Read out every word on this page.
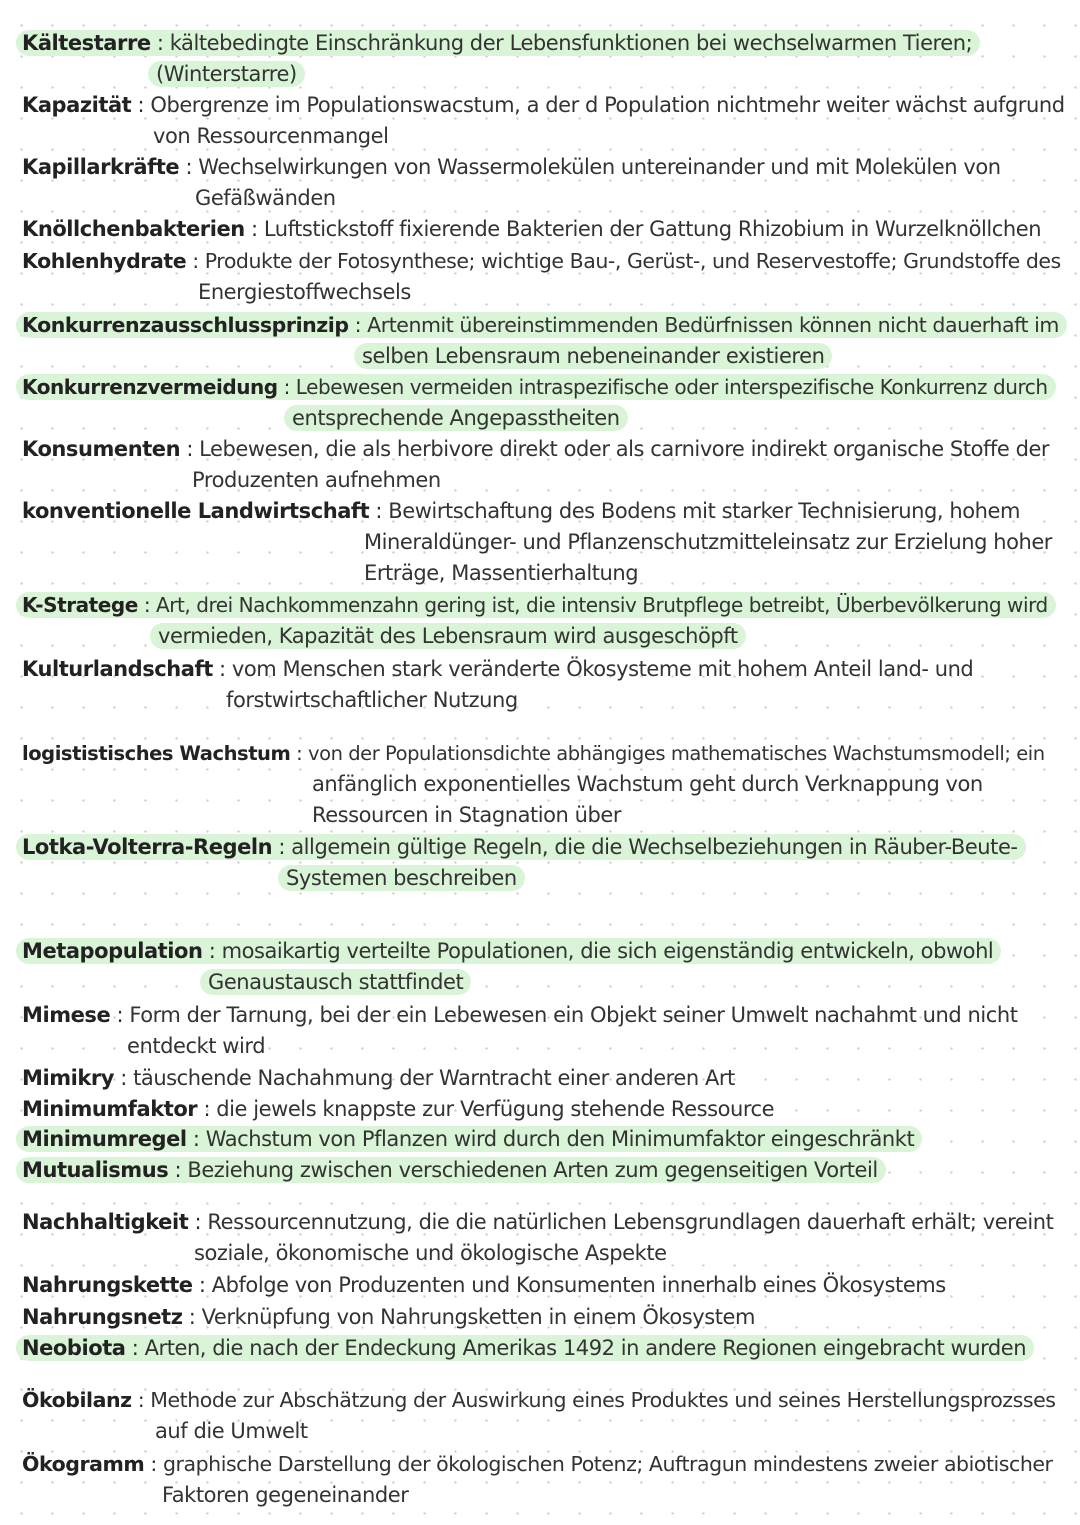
Kältestarre : kältebedingte Einschränkung der Lebensfunktionen bei wechselwarmen Tieren;
(Winterstarre)

Kapazität : Obergrenze im Populationswacstum, a der d Population nichtmehr weiter wächst aufgrund
von Ressourcenmangel

Kapillarkräfte : Wechselwirkungen von Wassermolekülen untereinander und mit Molekülen von
Gefäßwänden

Knöllchenbakterien : Luftstickstoff fixierende Bakterien der Gattung Rhizobium in Wurzelknöllchen

Kohlenhydrate : Produkte der Fotosynthese; wichtige Bau-, Gerüst-, und Reservestoffe; Grundstoffe des
Energiestoffwechsels

Konkurrenzausschlussprinzip : Artenmit übereinstimmenden Bedürfnissen können nicht dauerhaft im
selben Lebensraum nebeneinander existieren

Konkurrenzvermeidung : Lebewesen vermeiden intraspezifische oder interspezifische Konkurrenz durch
entsprechende Angepasstheiten

Konsumenten : Lebewesen, die als herbivore direkt oder als carnivore indirekt organische Stoffe der
Produzenten aufnehmen

konventionelle Landwirtschaft : Bewirtschaftung des Bodens mit starker Technisierung, hohem
Mineraldünger- und Pflanzenschutzmitteleinsatz zur Erzielung hoher
Erträge, Massentierhaltung

K-Stratege : Art, drei Nachkommenzahn gering ist, die intensiv Brutpflege betreibt, Überbevölkerung wird
vermieden, Kapazität des Lebensraum wird ausgeschöpft

Kulturlandschaft : vom Menschen stark veränderte Ökosysteme mit hohem Anteil land- und
forstwirtschaftlicher Nutzung

logististisches Wachstum : von der Populationsdichte abhängiges mathematisches Wachstumsmodell; ein
anfänglich exponentielles Wachstum geht durch Verknappung von
Ressourcen in Stagnation über

Lotka-Volterra-Regeln : allgemein gültige Regeln, die die Wechselbeziehungen in Räuber-Beute-
Systemen beschreiben

Metapopulation : mosaikartig verteilte Populationen, die sich eigenständig entwickeln, obwohl
Genaustausch stattfindet

Mimese : Form der Tarnung, bei der ein Lebewesen ein Objekt seiner Umwelt nachahmt und nicht
entdeckt wird

Mimikry : täuschende Nachahmung der Warntracht einer anderen Art

Minimumfaktor : die jewels knappste zur Verfügung stehende Ressource

Minimumregel : Wachstum von Pflanzen wird durch den Minimumfaktor eingeschränkt

Mutualismus : Beziehung zwischen verschiedenen Arten zum gegenseitigen Vorteil

Nachhaltigkeit : Ressourcennutzung, die die natürlichen Lebensgrundlagen dauerhaft erhält; vereint
soziale, ökonomische und ökologische Aspekte

Nahrungskette : Abfolge von Produzenten und Konsumenten innerhalb eines Ökosystems

Nahrungsnetz : Verknüpfung von Nahrungsketten in einem Ökosystem

Neobiota : Arten, die nach der Endeckung Amerikas 1492 in andere Regionen eingebracht wurden

Ökobilanz : Methode zur Abschätzung der Auswirkung eines Produktes und seines Herstellungsprozsses
auf die Umwelt

Ökogramm : graphische Darstellung der ökologischen Potenz; Auftragun mindestens zweier abiotischer
Faktoren gegeneinander
